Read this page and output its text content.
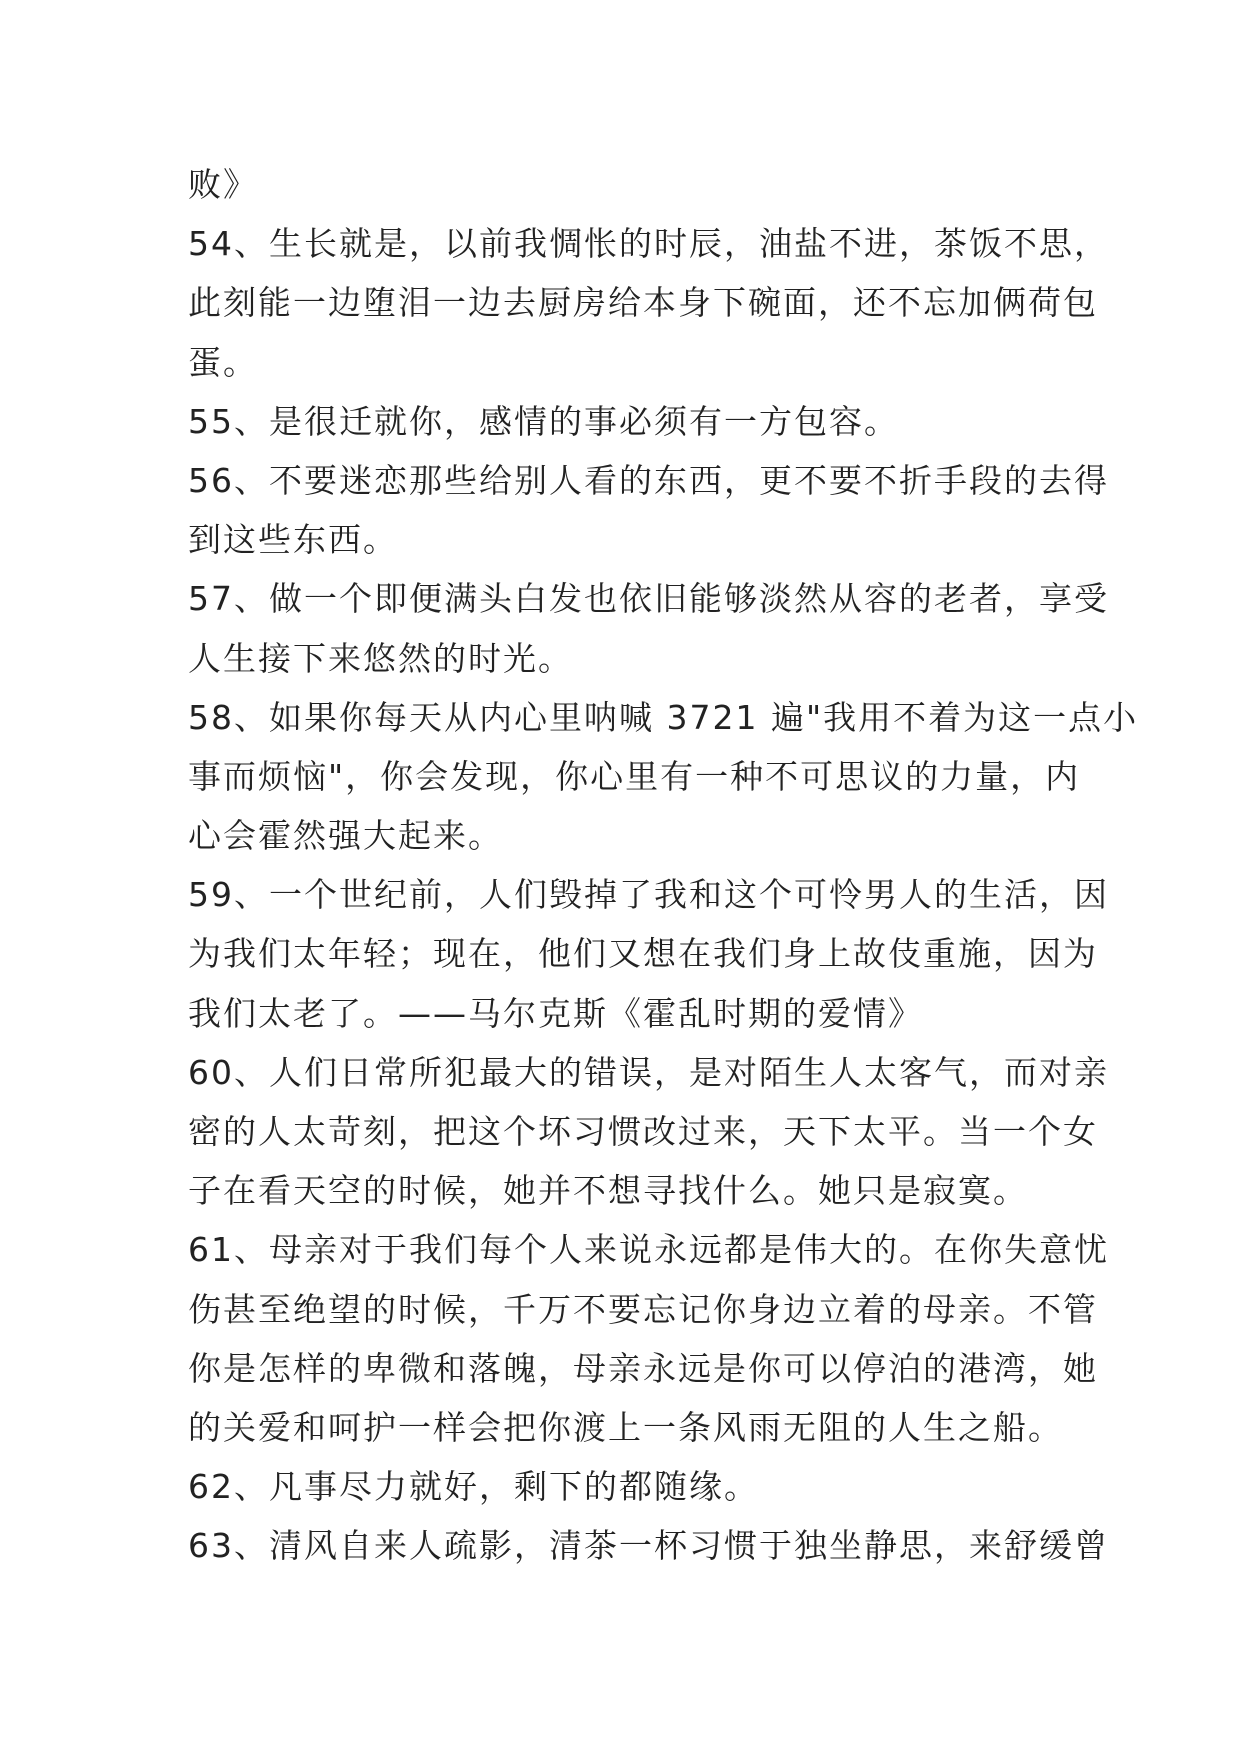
败》
54、生长就是，以前我惆怅的时辰，油盐不进，茶饭不思，
此刻能一边堕泪一边去厨房给本身下碗面，还不忘加俩荷包
蛋。
55、是很迁就你，感情的事必须有一方包容。
56、不要迷恋那些给别人看的东西，更不要不折手段的去得
到这些东西。
57、做一个即便满头白发也依旧能够淡然从容的老者，享受
人生接下来悠然的时光。
58、如果你每天从内心里呐喊 3721 遍"我用不着为这一点小
事而烦恼"，你会发现，你心里有一种不可思议的力量，内
心会霍然强大起来。
59、一个世纪前，人们毁掉了我和这个可怜男人的生活，因
为我们太年轻；现在，他们又想在我们身上故伎重施，因为
我们太老了。——马尔克斯《霍乱时期的爱情》
60、人们日常所犯最大的错误，是对陌生人太客气，而对亲
密的人太苛刻，把这个坏习惯改过来，天下太平。当一个女
子在看天空的时候，她并不想寻找什么。她只是寂寞。
61、母亲对于我们每个人来说永远都是伟大的。在你失意忧
伤甚至绝望的时候，千万不要忘记你身边立着的母亲。不管
你是怎样的卑微和落魄，母亲永远是你可以停泊的港湾，她
的关爱和呵护一样会把你渡上一条风雨无阻的人生之船。
62、凡事尽力就好，剩下的都随缘。
63、清风自来人疏影，清茶一杯习惯于独坐静思，来舒缓曾
